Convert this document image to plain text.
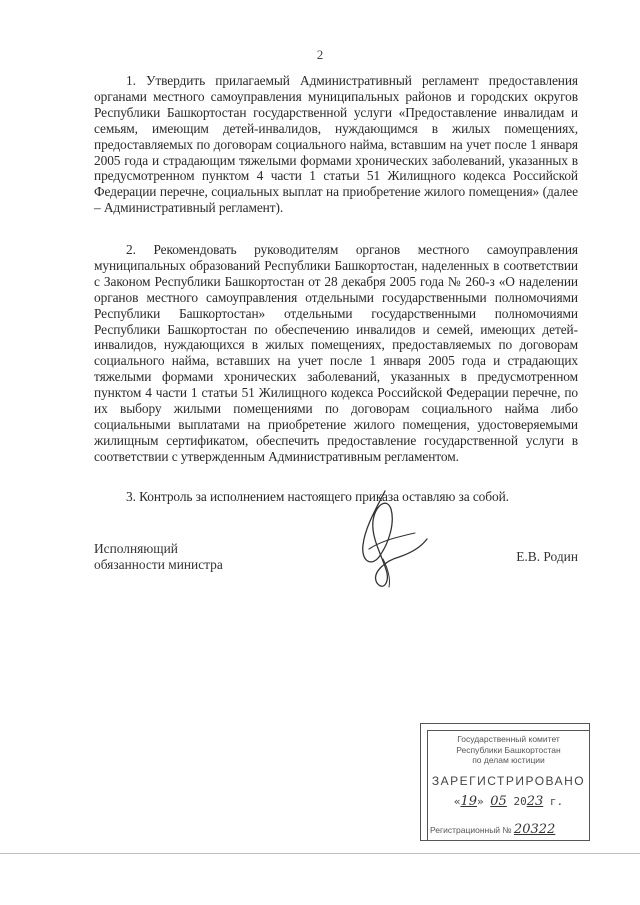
2

1. Утвердить прилагаемый Административный регламент предоставления органами местного самоуправления муниципальных районов и городских округов Республики Башкортостан государственной услуги «Предоставление инвалидам и семьям, имеющим детей-инвалидов, нуждающимся в жилых помещениях, предоставляемых по договорам социального найма, вставшим на учет после 1 января 2005 года и страдающим тяжелыми формами хронических заболеваний, указанных в предусмотренном пунктом 4 части 1 статьи 51 Жилищного кодекса Российской Федерации перечне, социальных выплат на приобретение жилого помещения» (далее – Административный регламент).

2. Рекомендовать руководителям органов местного самоуправления муниципальных образований Республики Башкортостан, наделенных в соответствии с Законом Республики Башкортостан от 28 декабря 2005 года № 260-з «О наделении органов местного самоуправления отдельными государственными полномочиями Республики Башкортостан» отдельными государственными полномочиями Республики Башкортостан по обеспечению инвалидов и семей, имеющих детей-инвалидов, нуждающихся в жилых помещениях, предоставляемых по договорам социального найма, вставших на учет после 1 января 2005 года и страдающих тяжелыми формами хронических заболеваний, указанных в предусмотренном пунктом 4 части 1 статьи 51 Жилищного кодекса Российской Федерации перечне, по их выбору жилыми помещениями по договорам социального найма либо социальными выплатами на приобретение жилого помещения, удостоверяемыми жилищным сертификатом, обеспечить предоставление государственной услуги в соответствии с утвержденным Административным регламентом.

3. Контроль за исполнением настоящего приказа оставляю за собой.

Исполняющий
обязанности министра
Е.В. Родин
Государственный комитет
Республики Башкортостан
по делам юстиции
ЗАРЕГИСТРИРОВАНО
«19» 05 2023 г.
Регистрационный № 20322
